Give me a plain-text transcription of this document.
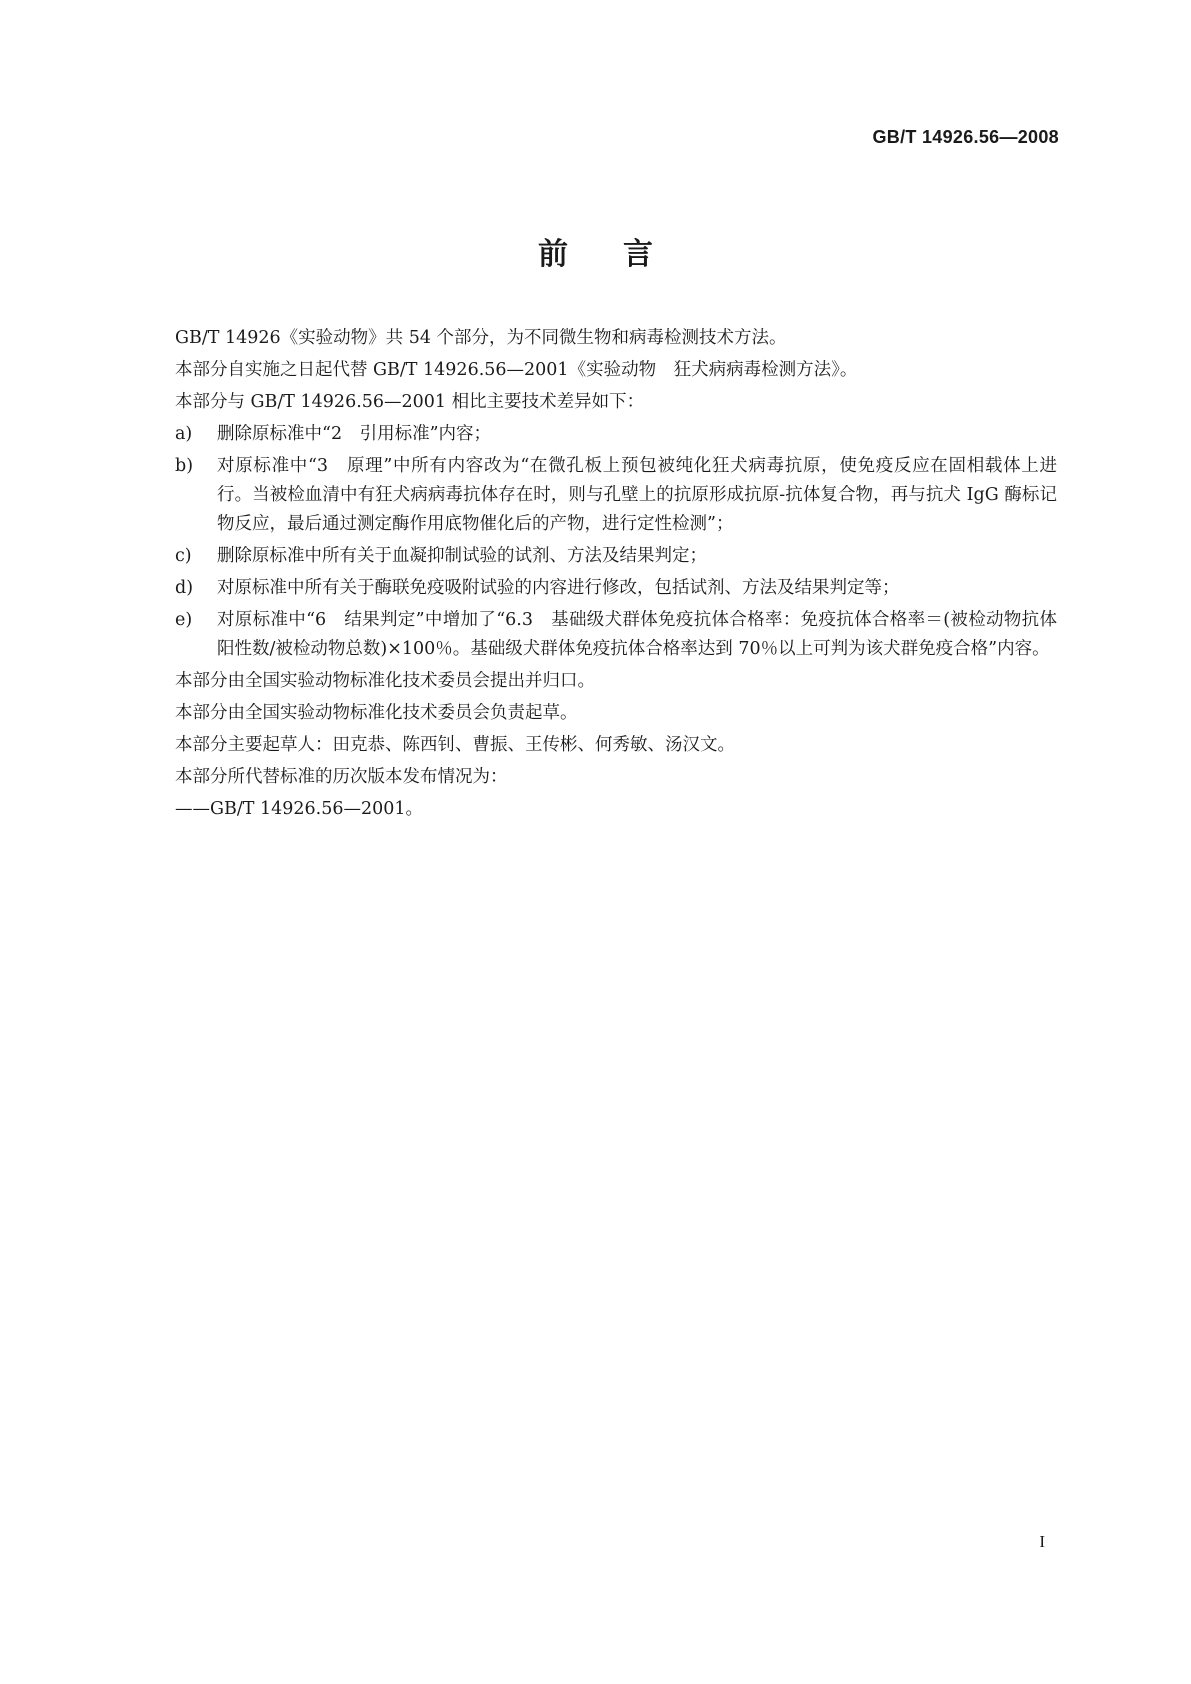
GB/T 14926.56—2008
前言

GB/T 14926《实验动物》共 54 个部分，为不同微生物和病毒检测技术方法。

本部分自实施之日起代替 GB/T 14926.56—2001《实验动物　狂犬病病毒检测方法》。

本部分与 GB/T 14926.56—2001 相比主要技术差异如下：

a)	删除原标准中“2　引用标准”内容；
b)	对原标准中“3　原理”中所有内容改为“在微孔板上预包被纯化狂犬病毒抗原，使免疫反应在固相载体上进行。当被检血清中有狂犬病病毒抗体存在时，则与孔壁上的抗原形成抗原-抗体复合物，再与抗犬 IgG 酶标记物反应，最后通过测定酶作用底物催化后的产物，进行定性检测”；
c)	删除原标准中所有关于血凝抑制试验的试剂、方法及结果判定；
d)	对原标准中所有关于酶联免疫吸附试验的内容进行修改，包括试剂、方法及结果判定等；
e)	对原标准中“6　结果判定”中增加了“6.3　基础级犬群体免疫抗体合格率：免疫抗体合格率＝(被检动物抗体阳性数/被检动物总数)×100％。基础级犬群体免疫抗体合格率达到 70％以上可判为该犬群免疫合格”内容。

本部分由全国实验动物标准化技术委员会提出并归口。

本部分由全国实验动物标准化技术委员会负责起草。

本部分主要起草人：田克恭、陈西钊、曹振、王传彬、何秀敏、汤汉文。

本部分所代替标准的历次版本发布情况为：

——GB/T 14926.56—2001。

I
